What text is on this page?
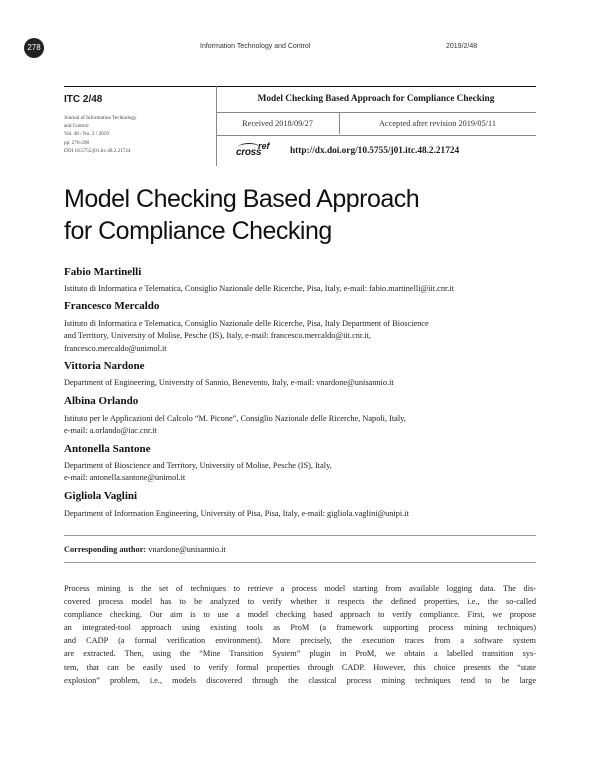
278	Information Technology and Control	2019/2/48
ITC 2/48
Journal of Information Technology
and Control
Vol. 48 / No. 2 / 2019
pp. 278-298
DOI 10.5755/j01.itc.48.2.21724
Model Checking Based Approach for Compliance Checking
Received 2018/09/27	Accepted after revision 2019/05/11
cross
ref http://dx.doi.org/10.5755/j01.itc.48.2.21724
Model Checking Based Approach
for Compliance Checking
Fabio Martinelli
Istituto di Informatica e Telematica, Consiglio Nazionale delle Ricerche, Pisa, Italy, e-mail: fabio.martinelli@iit.cnr.it
Francesco Mercaldo
Istituto di Informatica e Telematica, Consiglio Nazionale delle Ricerche, Pisa, Italy Department of Bioscience
and Territory, University of Molise, Pesche (IS), Italy, e-mail: francesco.mercaldo@iit.cnr.it,
francesco.mercaldo@unimol.it
Vittoria Nardone
Department of Engineering, University of Sannio, Benevento, Italy, e-mail: vnardone@unisannio.it
Albina Orlando
Istituto per le Applicazioni del Calcolo “M. Picone”, Consiglio Nazionale delle Ricerche, Napoli, Italy,
e-mail: a.orlando@iac.cnr.it
Antonella Santone
Department of Bioscience and Territory, University of Molise, Pesche (IS), Italy,
e-mail: antonella.santone@unimol.it
Gigliola Vaglini
Department of Information Engineering, University of Pisa, Pisa, Italy, e-mail: gigliola.vaglini@unipi.it
Corresponding author: vnardone@unisannio.it
Process mining is the set of techniques to retrieve a process model starting from available logging data. The dis-
covered process model has to be analyzed to verify whether it respects the defined properties, i.e., the so-called
compliance checking. Our aim is to use a model checking based approach to verify compliance. First, we propose
an integrated-tool approach using existing tools as ProM (a framework supporting process mining techniques)
and CADP (a formal verification environment). More precisely, the execution traces from a software system
are extracted. Then, using the “Mine Transition System” plugin in ProM, we obtain a labelled transition sys-
tem, that can be easily used to verify formal properties through CADP. However, this choice presents the “state
explosion” problem, i.e., models discovered through the classical process mining techniques tend to be large
